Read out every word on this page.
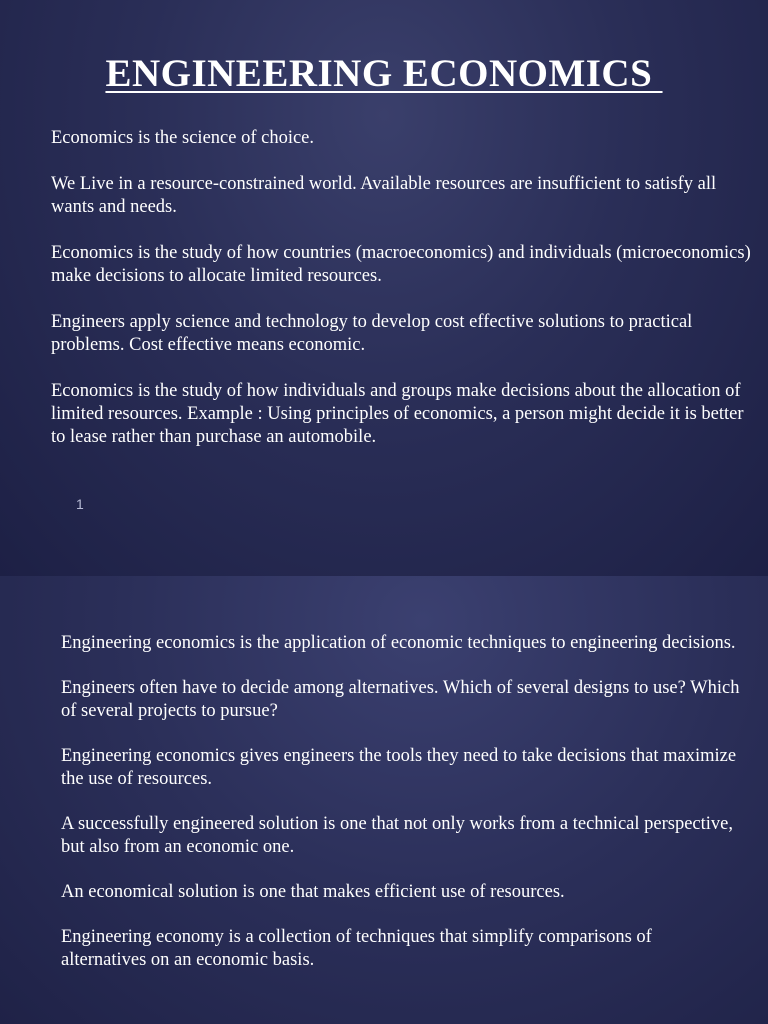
ENGINEERING ECONOMICS

Economics is the science of choice.

We Live in a resource-constrained world. Available resources are insufficient to satisfy all wants and needs.

Economics is the study of how countries (macroeconomics) and individuals (microeconomics) make decisions to allocate limited resources.

Engineers apply science and technology to develop cost effective solutions to practical problems. Cost effective means economic.

Economics is the study of how individuals and groups make decisions about the allocation of limited resources. Example : Using principles of economics, a person might decide it is better to lease rather than purchase an automobile.

1

Engineering economics is the application of economic techniques to engineering decisions.

Engineers often have to decide among alternatives. Which of several designs to use? Which of several projects to pursue?

Engineering economics gives engineers the tools they need to take decisions that maximize the use of resources.

A successfully engineered solution is one that not only works from a technical perspective, but also from an economic one.

An economical solution is one that makes efficient use of resources.

Engineering economy is a collection of techniques that simplify comparisons of alternatives on an economic basis.
